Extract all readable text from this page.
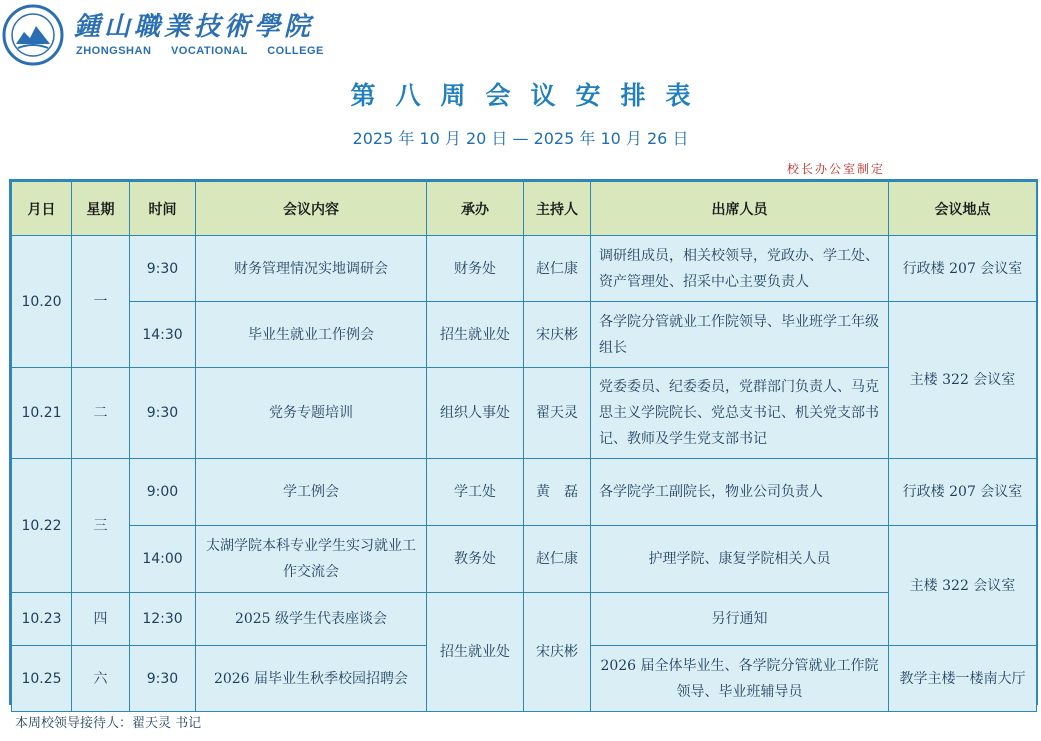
鍾山職業技術學院
ZHONGSHAN VOCATIONAL COLLEGE
第八周会议安排表
2025 年 10 月 20 日 — 2025 年 10 月 26 日
校长办公室制定
月日	星期	时间	会议内容	承办	主持人	出席人员	会议地点
10.20	一	9:30	财务管理情况实地调研会	财务处	赵仁康	调研组成员，相关校领导，党政办、学工处、资产管理处、招采中心主要负责人	行政楼 207 会议室
		14:30	毕业生就业工作例会	招生就业处	宋庆彬	各学院分管就业工作院领导、毕业班学工年级组长	主楼 322 会议室
10.21	二	9:30	党务专题培训	组织人事处	翟天灵	党委委员、纪委委员，党群部门负责人、马克思主义学院院长、党总支书记、机关党支部书记、教师及学生党支部书记	
10.22	三	9:00	学工例会	学工处	黄　磊	各学院学工副院长，物业公司负责人	行政楼 207 会议室
		14:00	太湖学院本科专业学生实习就业工作交流会	教务处	赵仁康	护理学院、康复学院相关人员	主楼 322 会议室
10.23	四	12:30	2025 级学生代表座谈会	招生就业处	宋庆彬	另行通知	
10.25	六	9:30	2026 届毕业生秋季校园招聘会			2026 届全体毕业生、各学院分管就业工作院领导、毕业班辅导员	教学主楼一楼南大厅
本周校领导接待人：翟天灵 书记
